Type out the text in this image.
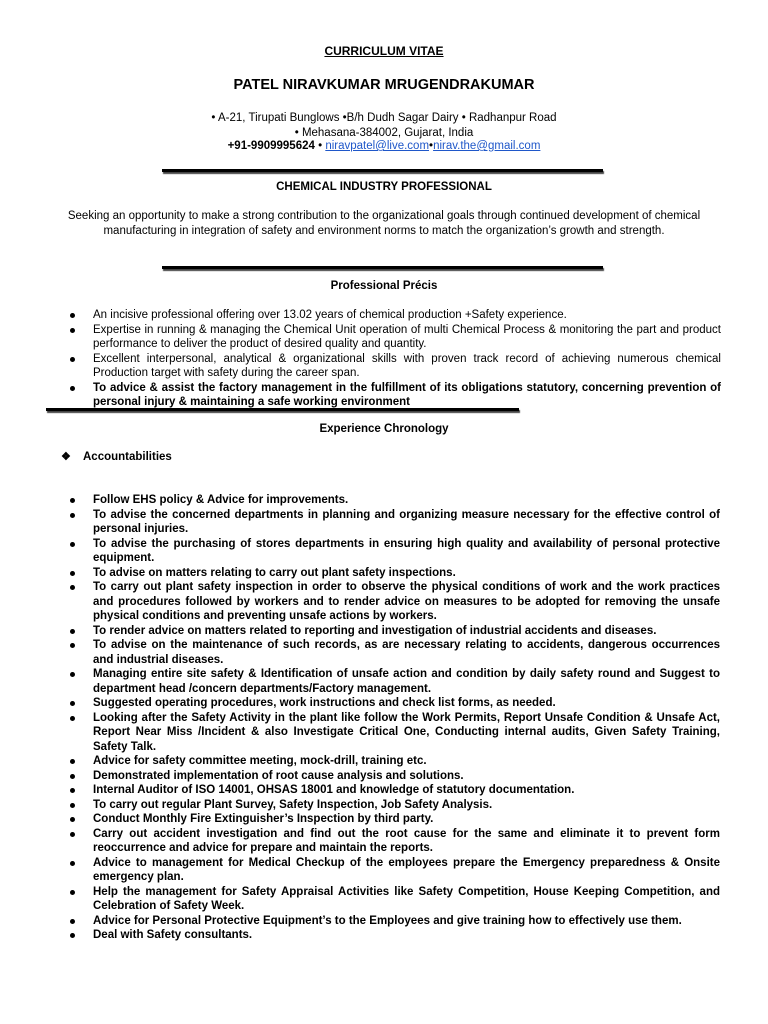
CURRICULUM VITAE
PATEL NIRAVKUMAR MRUGENDRAKUMAR
• A-21, Tirupati Bunglows •B/h Dudh Sagar Dairy • Radhanpur Road
• Mehasana-384002, Gujarat, India
+91-9909995624 • niravpatel@live.com•nirav.the@gmail.com
CHEMICAL INDUSTRY PROFESSIONAL
Seeking an opportunity to make a strong contribution to the organizational goals through continued development of chemical manufacturing in integration of safety and environment norms to match the organization’s growth and strength.
Professional Précis
An incisive professional offering over 13.02 years of chemical production +Safety experience.
Expertise in running & managing the Chemical Unit operation of multi Chemical Process & monitoring the part and product performance to deliver the product of desired quality and quantity.
Excellent interpersonal, analytical & organizational skills with proven track record of achieving numerous chemical Production target with safety during the career span.
To advice & assist the factory management in the fulfillment of its obligations statutory, concerning prevention of personal injury & maintaining a safe working environment
Experience Chronology
❖ Accountabilities
Follow EHS policy & Advice for improvements.
To advise the concerned departments in planning and organizing measure necessary for the effective control of personal injuries.
To advise the purchasing of stores departments in ensuring high quality and availability of personal protective equipment.
To advise on matters relating to carry out plant safety inspections.
To carry out plant safety inspection in order to observe the physical conditions of work and the work practices and procedures followed by workers and to render advice on measures to be adopted for removing the unsafe physical conditions and preventing unsafe actions by workers.
To render advice on matters related to reporting and investigation of industrial accidents and diseases.
To advise on the maintenance of such records, as are necessary relating to accidents, dangerous occurrences and industrial diseases.
Managing entire site safety & Identification of unsafe action and condition by daily safety round and Suggest to department head /concern departments/Factory management.
Suggested operating procedures, work instructions and check list forms, as needed.
Looking after the Safety Activity in the plant like follow the Work Permits, Report Unsafe Condition & Unsafe Act, Report Near Miss /Incident & also Investigate Critical One, Conducting internal audits, Given Safety Training, Safety Talk.
Advice for safety committee meeting, mock-drill, training etc.
Demonstrated implementation of root cause analysis and solutions.
Internal Auditor of ISO 14001, OHSAS 18001 and knowledge of statutory documentation.
To carry out regular Plant Survey, Safety Inspection, Job Safety Analysis.
Conduct Monthly Fire Extinguisher’s Inspection by third party.
Carry out accident investigation and find out the root cause for the same and eliminate it to prevent form reoccurrence and advice for prepare and maintain the reports.
Advice to management for Medical Checkup of the employees prepare the Emergency preparedness & Onsite emergency plan.
Help the management for Safety Appraisal Activities like Safety Competition, House Keeping Competition, and Celebration of Safety Week.
Advice for Personal Protective Equipment’s to the Employees and give training how to effectively use them.
Deal with Safety consultants.
